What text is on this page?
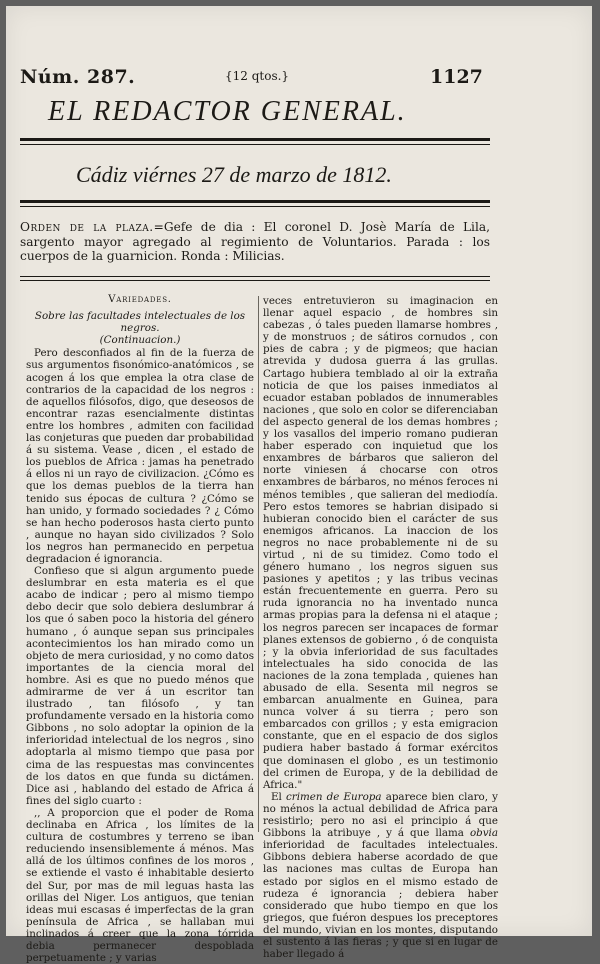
Núm. 287.	{12 qtos.}	1127
EL REDACTOR GENERAL.
Cádiz viérnes 27 de marzo de 1812.
Orden de la plaza.=Gefe de dia : El coronel D. Josè María de Lila, sargento mayor agregado al regimiento de Voluntarios. Parada : los cuerpos de la guarnicion. Ronda : Milicias.

Variedades.

Sobre las facultades intelectuales de los negros.

(Continuacion.)

Pero desconfiados al fin de la fuerza de sus argumentos fisonómico-anatómicos , se acogen á los que emplea la otra clase de contrarios de la capacidad de los negros : de aquellos filósofos, digo, que deseosos de encontrar razas esencialmente distintas entre los hombres , admiten con facilidad las conjeturas que pueden dar probabilidad á su sistema. Vease , dicen , el estado de los pueblos de Africa : jamas ha penetrado á ellos ni un rayo de civilizacion. ¿Cómo es que los demas pueblos de la tierra han tenido sus épocas de cultura ? ¿Cómo se han unido, y formado sociedades ? ¿ Cómo se han hecho poderosos hasta cierto punto , aunque no hayan sido civilizados ? Solo los negros han permanecido en perpetua degradacion é ignorancia.

Confieso que si algun argumento puede deslumbrar en esta materia es el que acabo de indicar ; pero al mismo tiempo debo decir que solo debiera deslumbrar á los que ó saben poco la historia del género humano , ó aunque sepan sus principales acontecimientos los han mirado como un objeto de mera curiosidad, y no como datos importantes de la ciencia moral del hombre. Asi es que no puedo ménos que admirarme de ver á un escritor tan ilustrado , tan filósofo , y tan profundamente versado en la historia como Gibbons , no solo adoptar la opinion de la inferioridad intelectual de los negros , sino adoptarla al mismo tiempo que pasa por cima de las respuestas mas convincentes de los datos en que funda su dictámen. Dice asi , hablando del estado de Africa á fines del siglo cuarto :

,, A proporcion que el poder de Roma declinaba en Africa , los límites de la cultura de costumbres y terreno se iban reduciendo insensiblemente á ménos. Mas allá de los últimos confines de los moros , se extiende el vasto é inhabitable desierto del Sur, por mas de mil leguas hasta las orillas del Niger. Los antiguos, que tenian ideas mui escasas é imperfectas de la gran península de Africa , se hallaban mui inclinados á creer que la zona tórrida debia permanecer despoblada perpetuamente ; y varias

veces entretuvieron su imaginacion en llenar aquel espacio , de hombres sin cabezas , ó tales pueden llamarse hombres , y de monstruos ; de sátiros cornudos , con pies de cabra ; y de pigmeos; que hacian atrevida y dudosa guerra á las grullas. Cartago hubiera temblado al oir la extraña noticia de que los paises inmediatos al ecuador estaban poblados de innumerables naciones , que solo en color se diferenciaban del aspecto general de los demas hombres ; y los vasallos del imperio romano pudieran haber esperado con inquietud que los enxambres de bárbaros que salieron del norte viniesen á chocarse con otros enxambres de bárbaros, no ménos feroces ni ménos temibles , que salieran del mediodía. Pero estos temores se habrian disipado si hubieran conocido bien el carácter de sus enemigos africanos. La inaccion de los negros no nace probablemente ni de su virtud , ni de su timidez. Como todo el género humano , los negros siguen sus pasiones y apetitos ; y las tribus vecinas están frecuentemente en guerra. Pero su ruda ignorancia no ha inventado nunca armas propias para la defensa ni el ataque ; los negros parecen ser incapaces de formar planes extensos de gobierno , ó de conquista ; y la obvia inferioridad de sus facultades intelectuales ha sido conocida de las naciones de la zona templada , quienes han abusado de ella. Sesenta mil negros se embarcan anualmente en Guinea, para nunca volver á su tierra ; pero son embarcados con grillos ; y esta emigracion constante, que en el espacio de dos siglos pudiera haber bastado á formar exércitos que dominasen el globo , es un testimonio del crimen de Europa, y de la debilidad de Africa."

El crimen de Europa aparece bien claro, y no ménos la actual debilidad de Africa para resistirlo; pero no asi el principio á que Gibbons la atribuye , y á que llama obvia inferioridad de facultades intelectuales. Gibbons debiera haberse acordado de que las naciones mas cultas de Europa han estado por siglos en el mismo estado de rudeza é ignorancia ; debiera haber considerado que hubo tiempo en que los griegos, que fuéron despues los preceptores del mundo, vivian en los montes, disputando el sustento á las fieras ; y que si en lugar de haber llegado á
